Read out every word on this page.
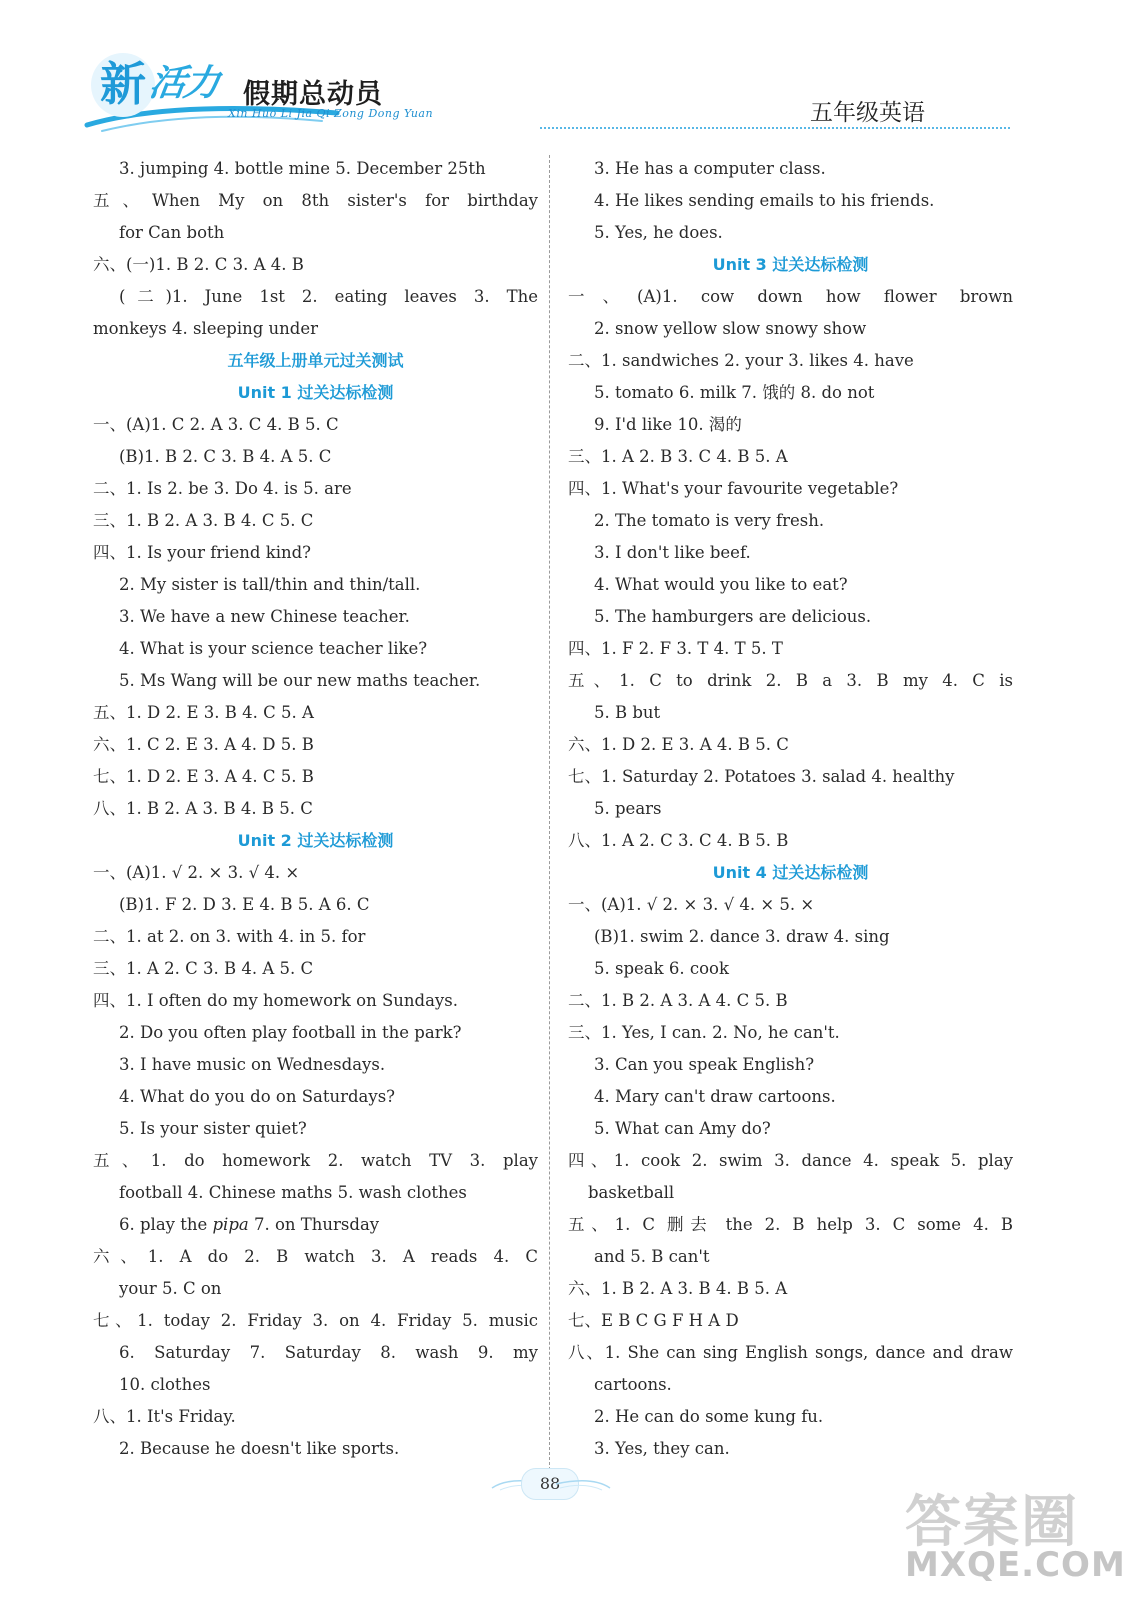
新 活力 假期总动员
Xin Huo Li Jia Qi Zong Dong Yuan	五年级英语
3. jumping 4. bottle mine 5. December 25th
五、When My on 8th sister's for birthday
for Can both
六、(一)1. B 2. C 3. A 4. B
(二)1. June 1st 2. eating leaves 3. The
monkeys 4. sleeping under
五年级上册单元过关测试
Unit 1 过关达标检测
一、(A)1. C 2. A 3. C 4. B 5. C
(B)1. B 2. C 3. B 4. A 5. C
二、1. Is 2. be 3. Do 4. is 5. are
三、1. B 2. A 3. B 4. C 5. C
四、1. Is your friend kind?
2. My sister is tall/thin and thin/tall.
3. We have a new Chinese teacher.
4. What is your science teacher like?
5. Ms Wang will be our new maths teacher.
五、1. D 2. E 3. B 4. C 5. A
六、1. C 2. E 3. A 4. D 5. B
七、1. D 2. E 3. A 4. C 5. B
八、1. B 2. A 3. B 4. B 5. C
Unit 2 过关达标检测
一、(A)1. √ 2. × 3. √ 4. ×
(B)1. F 2. D 3. E 4. B 5. A 6. C
二、1. at 2. on 3. with 4. in 5. for
三、1. A 2. C 3. B 4. A 5. C
四、1. I often do my homework on Sundays.
2. Do you often play football in the park?
3. I have music on Wednesdays.
4. What do you do on Saturdays?
5. Is your sister quiet?
五、1. do homework 2. watch TV 3. play
football 4. Chinese maths 5. wash clothes
6. play the pipa 7. on Thursday
六、1. A do 2. B watch 3. A reads 4. C
your 5. C on
七、1. today 2. Friday 3. on 4. Friday 5. music
6. Saturday 7. Saturday 8. wash 9. my
10. clothes
八、1. It's Friday.
2. Because he doesn't like sports.
3. He has a computer class.
4. He likes sending emails to his friends.
5. Yes, he does.
Unit 3 过关达标检测
一、(A)1. cow down how flower brown
2. snow yellow slow snowy show
二、1. sandwiches 2. your 3. likes 4. have
5. tomato 6. milk 7. 饿的 8. do not
9. I'd like 10. 渴的
三、1. A 2. B 3. C 4. B 5. A
四、1. What's your favourite vegetable?
2. The tomato is very fresh.
3. I don't like beef.
4. What would you like to eat?
5. The hamburgers are delicious.
四、1. F 2. F 3. T 4. T 5. T
五、1. C to drink 2. B a 3. B my 4. C is
5. B but
六、1. D 2. E 3. A 4. B 5. C
七、1. Saturday 2. Potatoes 3. salad 4. healthy
5. pears
八、1. A 2. C 3. C 4. B 5. B
Unit 4 过关达标检测
一、(A)1. √ 2. × 3. √ 4. × 5. ×
(B)1. swim 2. dance 3. draw 4. sing
5. speak 6. cook
二、1. B 2. A 3. A 4. C 5. B
三、1. Yes, I can. 2. No, he can't.
3. Can you speak English?
4. Mary can't draw cartoons.
5. What can Amy do?
四、1. cook 2. swim 3. dance 4. speak 5. play
basketball
五、1. C 删去 the 2. B help 3. C some 4. B
and 5. B can't
六、1. B 2. A 3. B 4. B 5. A
七、E B C G F H A D
八、1. She can sing English songs, dance and draw
cartoons.
2. He can do some kung fu.
3. Yes, they can.
88
答案圈
MXQE.COM
